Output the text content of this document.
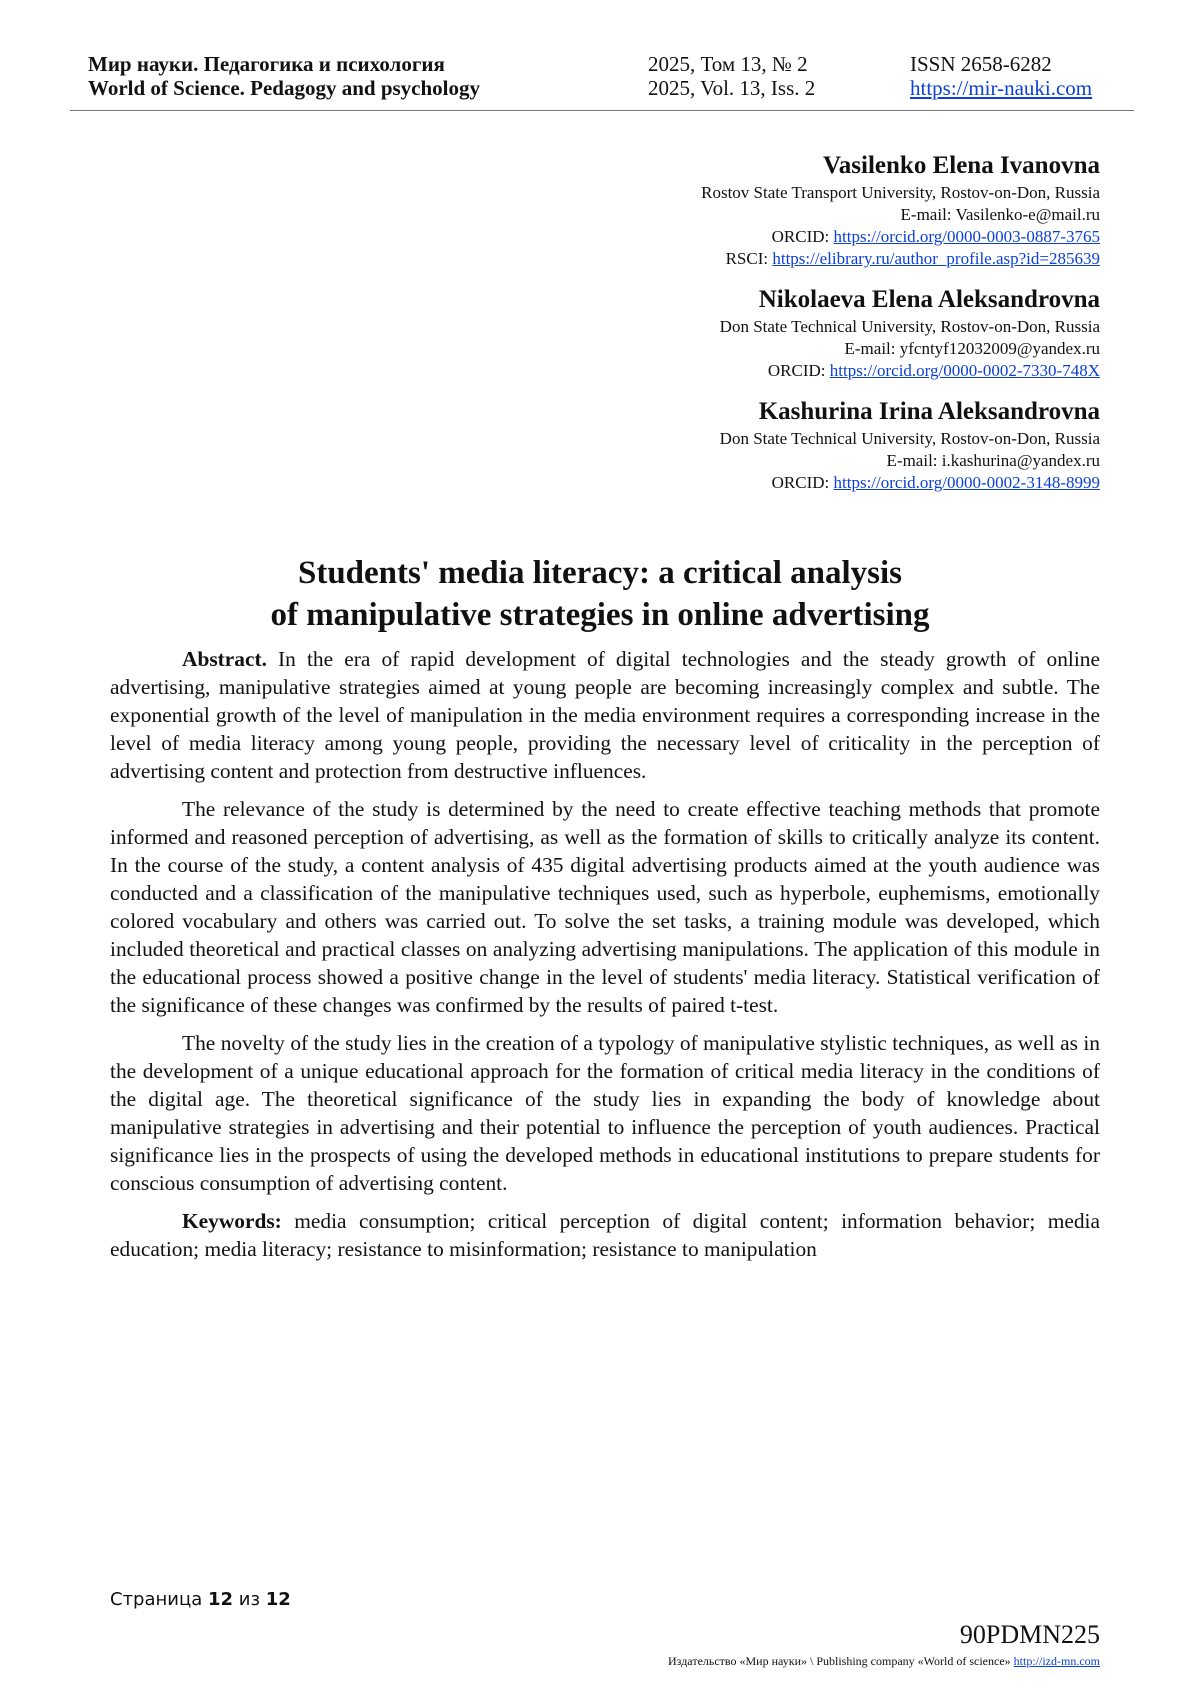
Мир науки. Педагогика и психология
World of Science. Pedagogy and psychology
2025, Том 13, № 2
2025, Vol. 13, Iss. 2
ISSN 2658-6282
https://mir-nauki.com
Vasilenko Elena Ivanovna
Rostov State Transport University, Rostov-on-Don, Russia
E-mail: Vasilenko-e@mail.ru
ORCID: https://orcid.org/0000-0003-0887-3765
RSCI: https://elibrary.ru/author_profile.asp?id=285639
Nikolaeva Elena Aleksandrovna
Don State Technical University, Rostov-on-Don, Russia
E-mail: yfcntyf12032009@yandex.ru
ORCID: https://orcid.org/0000-0002-7330-748X
Kashurina Irina Aleksandrovna
Don State Technical University, Rostov-on-Don, Russia
E-mail: i.kashurina@yandex.ru
ORCID: https://orcid.org/0000-0002-3148-8999
Students' media literacy: a critical analysis
of manipulative strategies in online advertising

Abstract. In the era of rapid development of digital technologies and the steady growth of online advertising, manipulative strategies aimed at young people are becoming increasingly complex and subtle. The exponential growth of the level of manipulation in the media environment requires a corresponding increase in the level of media literacy among young people, providing the necessary level of criticality in the perception of advertising content and protection from destructive influences.

The relevance of the study is determined by the need to create effective teaching methods that promote informed and reasoned perception of advertising, as well as the formation of skills to critically analyze its content. In the course of the study, a content analysis of 435 digital advertising products aimed at the youth audience was conducted and a classification of the manipulative techniques used, such as hyperbole, euphemisms, emotionally colored vocabulary and others was carried out. To solve the set tasks, a training module was developed, which included theoretical and practical classes on analyzing advertising manipulations. The application of this module in the educational process showed a positive change in the level of students' media literacy. Statistical verification of the significance of these changes was confirmed by the results of paired t-test.

The novelty of the study lies in the creation of a typology of manipulative stylistic techniques, as well as in the development of a unique educational approach for the formation of critical media literacy in the conditions of the digital age. The theoretical significance of the study lies in expanding the body of knowledge about manipulative strategies in advertising and their potential to influence the perception of youth audiences. Practical significance lies in the prospects of using the developed methods in educational institutions to prepare students for conscious consumption of advertising content.

Keywords: media consumption; critical perception of digital content; information behavior; media education; media literacy; resistance to misinformation; resistance to manipulation

Страница 12 из 12
90PDMN225
Издательство «Мир науки» \ Publishing company «World of science» http://izd-mn.com
